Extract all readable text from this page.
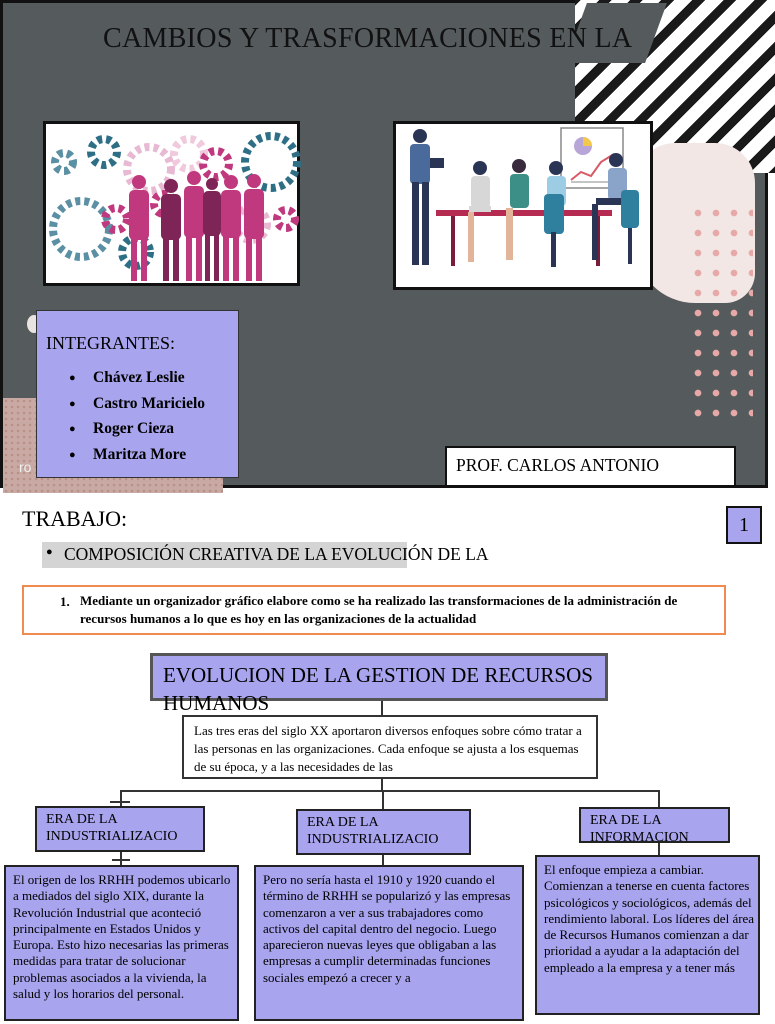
ro
CAMBIOS Y TRASFORMACIONES EN LA
INTEGRANTES:
● Chávez Leslie
● Castro Maricielo
● Roger Cieza
● Maritza More
PROF. CARLOS ANTONIO
TRABAJO:	1
● COMPOSICIÓN CREATIVA DE LA EVOLUCIÓN DE LA
1. Mediante un organizador gráfico elabore como se ha realizado las transformaciones de la administración de recursos humanos a lo que es hoy en las organizaciones de la actualidad
EVOLUCION DE LA GESTION DE RECURSOS HUMANOS
Las tres eras del siglo XX aportaron diversos enfoques sobre cómo tratar a las personas en las organizaciones. Cada enfoque se ajusta a los esquemas de su época, y a las necesidades de las
ERA DE LA INDUSTRIALIZACIO
ERA DE LA INDUSTRIALIZACIO
ERA DE LA INFORMACION
El origen de los RRHH podemos ubicarlo a mediados del siglo XIX, durante la Revolución Industrial que aconteció principalmente en Estados Unidos y Europa. Esto hizo necesarias las primeras medidas para tratar de solucionar problemas asociados a la vivienda, la salud y los horarios del personal.
Pero no sería hasta el 1910 y 1920 cuando el término de RRHH se popularizó y las empresas comenzaron a ver a sus trabajadores como activos del capital dentro del negocio. Luego aparecieron nuevas leyes que obligaban a las empresas a cumplir determinadas funciones sociales empezó a crecer y a
El enfoque empieza a cambiar. Comienzan a tenerse en cuenta factores psicológicos y sociológicos, además del rendimiento laboral. Los líderes del área de Recursos Humanos comienzan a dar prioridad a ayudar a la adaptación del empleado a la empresa y a tener más
